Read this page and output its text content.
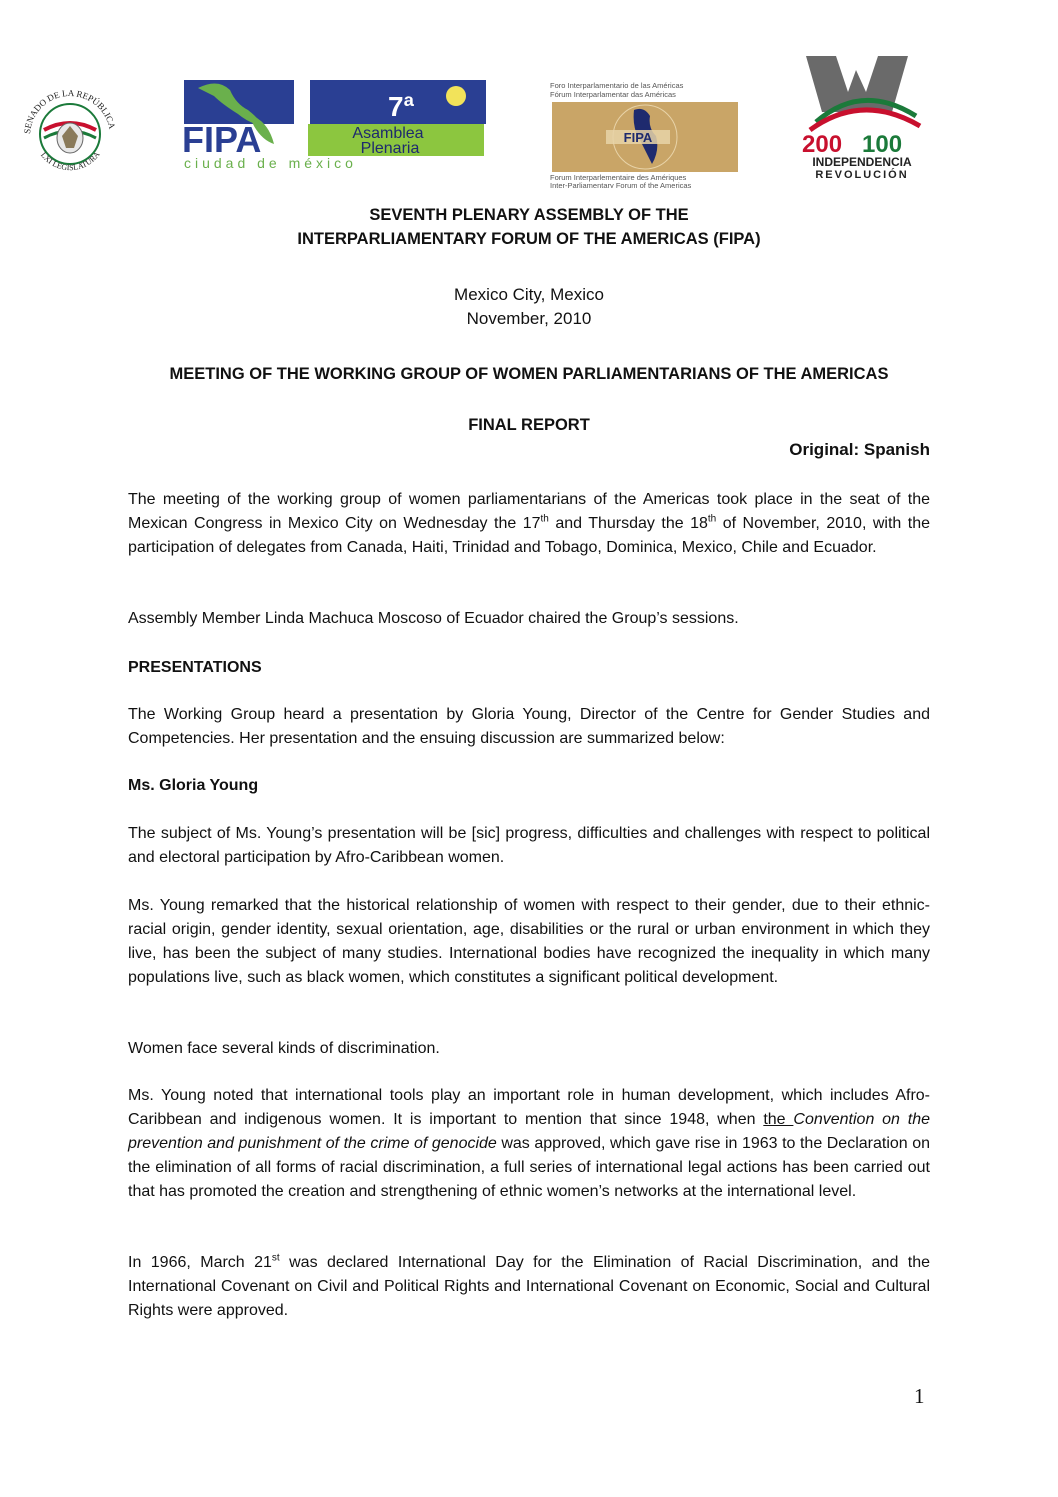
SENADO DE LA REPÚBLICA
LXI LEGISLATURA
7ª
Asamblea
Plenaria
FIPA
ciudad de méxico
Foro Interparlamentario de las Américas
Fórum Interparlamentar das Américas
FIPA
Forum Interparlementaire des Amériques
Inter-Parliamentary Forum of the Americas
200 100
INDEPENDENCIA
REVOLUCIÓN
SEVENTH PLENARY ASSEMBLY OF THE
INTERPARLIAMENTARY FORUM OF THE AMERICAS (FIPA)
Mexico City, Mexico
November, 2010
MEETING OF THE WORKING GROUP OF WOMEN PARLIAMENTARIANS OF THE AMERICAS
FINAL REPORT
Original: Spanish

The meeting of the working group of women parliamentarians of the Americas took place in the seat of the Mexican Congress in Mexico City on Wednesday the 17th and Thursday the 18th of November, 2010, with the participation of delegates from Canada, Haiti, Trinidad and Tobago, Dominica, Mexico, Chile and Ecuador.

Assembly Member Linda Machuca Moscoso of Ecuador chaired the Group’s sessions.

PRESENTATIONS

The Working Group heard a presentation by Gloria Young, Director of the Centre for Gender Studies and Competencies. Her presentation and the ensuing discussion are summarized below:

Ms. Gloria Young

The subject of Ms. Young’s presentation will be [sic] progress, difficulties and challenges with respect to political and electoral participation by Afro-Caribbean women.

Ms. Young remarked that the historical relationship of women with respect to their gender, due to their ethnic-racial origin, gender identity, sexual orientation, age, disabilities or the rural or urban environment in which they live, has been the subject of many studies. International bodies have recognized the inequality in which many populations live, such as black women, which constitutes a significant political development.

Women face several kinds of discrimination.

Ms. Young noted that international tools play an important role in human development, which includes Afro-Caribbean and indigenous women. It is important to mention that since 1948, when the Convention on the prevention and punishment of the crime of genocide was approved, which gave rise in 1963 to the Declaration on the elimination of all forms of racial discrimination, a full series of international legal actions has been carried out that has promoted the creation and strengthening of ethnic women’s networks at the international level.

In 1966, March 21st was declared International Day for the Elimination of Racial Discrimination, and the International Covenant on Civil and Political Rights and International Covenant on Economic, Social and Cultural Rights were approved.

1
